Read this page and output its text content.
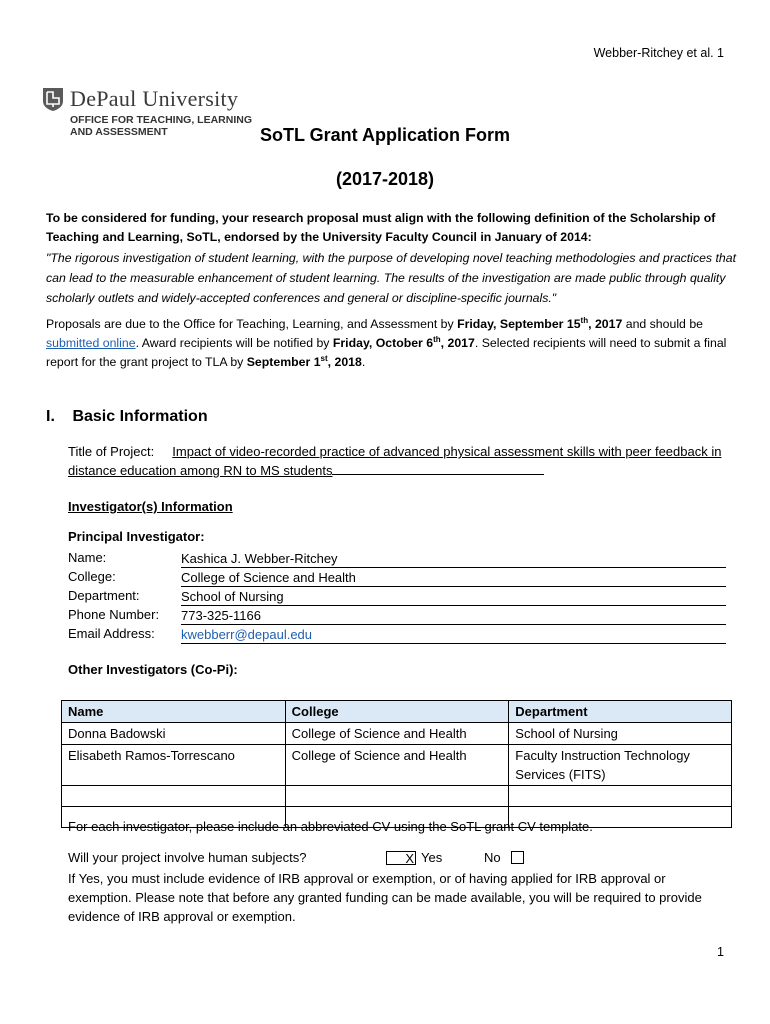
Webber-Ritchey et al. 1
DePaul University
OFFICE FOR TEACHING, LEARNING
AND ASSESSMENT	SoTL Grant Application Form
(2017-2018)
To be considered for funding, your research proposal must align with the following definition of the Scholarship of Teaching and Learning, SoTL, endorsed by the University Faculty Council in January of 2014:
"The rigorous investigation of student learning, with the purpose of developing novel teaching methodologies and practices that can lead to the measurable enhancement of student learning. The results of the investigation are made public through quality scholarly outlets and widely-accepted conferences and general or discipline-specific journals."
Proposals are due to the Office for Teaching, Learning, and Assessment by Friday, September 15th, 2017 and should be submitted online. Award recipients will be notified by Friday, October 6th, 2017. Selected recipients will need to submit a final report for the grant project to TLA by September 1st, 2018.
I. Basic Information
Title of Project: Impact of video-recorded practice of advanced physical assessment skills with peer feedback in distance education among RN to MS students
Investigator(s) Information
Principal Investigator:
Name:	Kashica J. Webber-Ritchey
College:	College of Science and Health
Department:	School of Nursing
Phone Number:	773-325-1166
Email Address:	kwebberr@depaul.edu
Other Investigators (Co-Pi):
Name	College	Department
Donna Badowski	College of Science and Health	School of Nursing
Elisabeth Ramos-Torrescano	College of Science and Health	Faculty Instruction Technology Services (FITS)

For each investigator, please include an abbreviated CV using the SoTL grant CV template.
Will your project involve human subjects?	X Yes	No
If Yes, you must include evidence of IRB approval or exemption, or of having applied for IRB approval or exemption. Please note that before any granted funding can be made available, you will be required to provide evidence of IRB approval or exemption.
1
